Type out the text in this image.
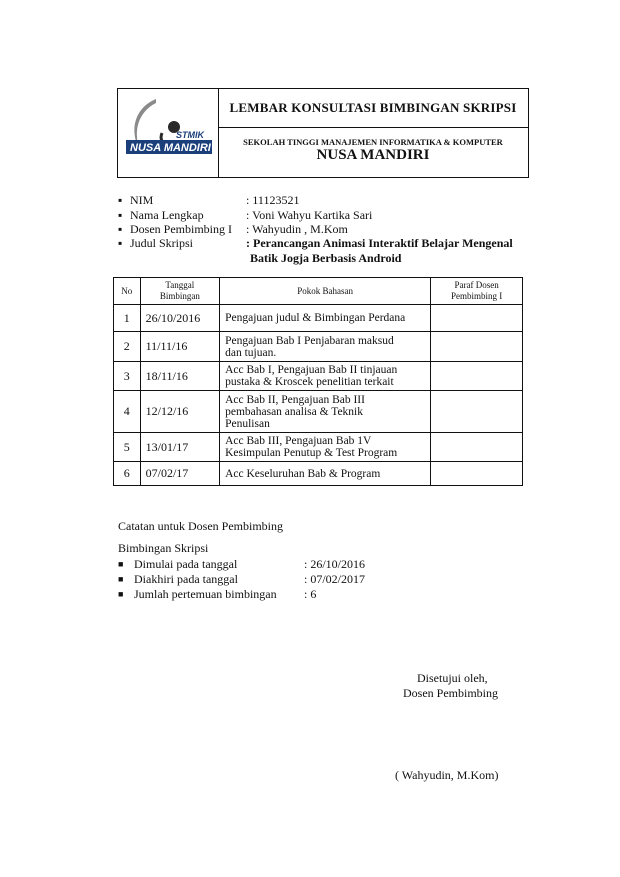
STMIK
NUSA MANDIRI
LEMBAR KONSULTASI BIMBINGAN SKRIPSI
SEKOLAH TINGGI MANAJEMEN INFORMATIKA & KOMPUTER
NUSA MANDIRI
▪ NIM	: 11123521
▪ Nama Lengkap	: Voni Wahyu Kartika Sari
▪ Dosen Pembimbing I : Wahyudin , M.Kom
▪ Judul Skripsi	: Perancangan Animasi Interaktif Belajar Mengenal
Batik Jogja Berbasis Android
No	Tanggal
Bimbingan	Pokok Bahasan	Paraf Dosen
Pembimbing I
1	26/10/2016	Pengajuan judul & Bimbingan Perdana	
2	11/11/16	Pengajuan Bab I Penjabaran maksud
dan tujuan.	
3	18/11/16	Acc Bab I, Pengajuan Bab II tinjauan
pustaka & Kroscek penelitian terkait	
4	12/12/16	Acc Bab II, Pengajuan Bab III
pembahasan analisa & Teknik
Penulisan	
5	13/01/17	Acc Bab III, Pengajuan Bab 1V
Kesimpulan Penutup & Test Program	
6	07/02/17	Acc Keseluruhan Bab & Program	
Catatan untuk Dosen Pembimbing
Bimbingan Skripsi
■ Dimulai pada tanggal	: 26/10/2016
■ Diakhiri pada tanggal	: 07/02/2017
■ Jumlah pertemuan bimbingan : 6
Disetujui oleh,
Dosen Pembimbing
( Wahyudin, M.Kom)
